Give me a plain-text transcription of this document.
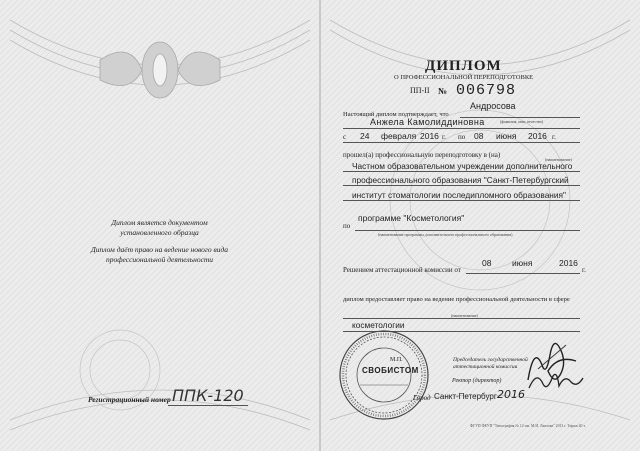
Диплом является документом
установленного образца
Диплом даёт право на ведение нового вида
профессиональной деятельности
Регистрационный номер ППК-120
ДИПЛОМ
О ПРОФЕССИОНАЛЬНОЙ ПЕРЕПОДГОТОВКЕ
ПП-II № 006798
Настоящий диплом подтверждает, что
Андросова
(фамилия, имя, отчество)
Анжела Камолиддиновна
с 24 февраля 2016 г. по 08 июня 2016 г.
прошел(а) профессиональную переподготовку в (на)
(наименование)
Частном образовательном учреждении дополнительного
профессионального образования "Санкт-Петербургский
институт стоматологии последипломного образования"
по
программе "Косметология"
(наименование программы дополнительного профессионального образования)
Решением аттестационной комиссии от
08 июня	2016
г.
диплом предоставляет право на ведение профессиональной деятельности в сфере
(наименование)
косметологии
Председатель государственной
аттестационной комиссии
Ректор (директор)
М.П.
СВОБИСТОМ
Город Санкт-Петербург 2016
ФГУП ФЕУП "Типография № 12 им. М.И. Лавлова" 2013 г. Тираж 40 т.
